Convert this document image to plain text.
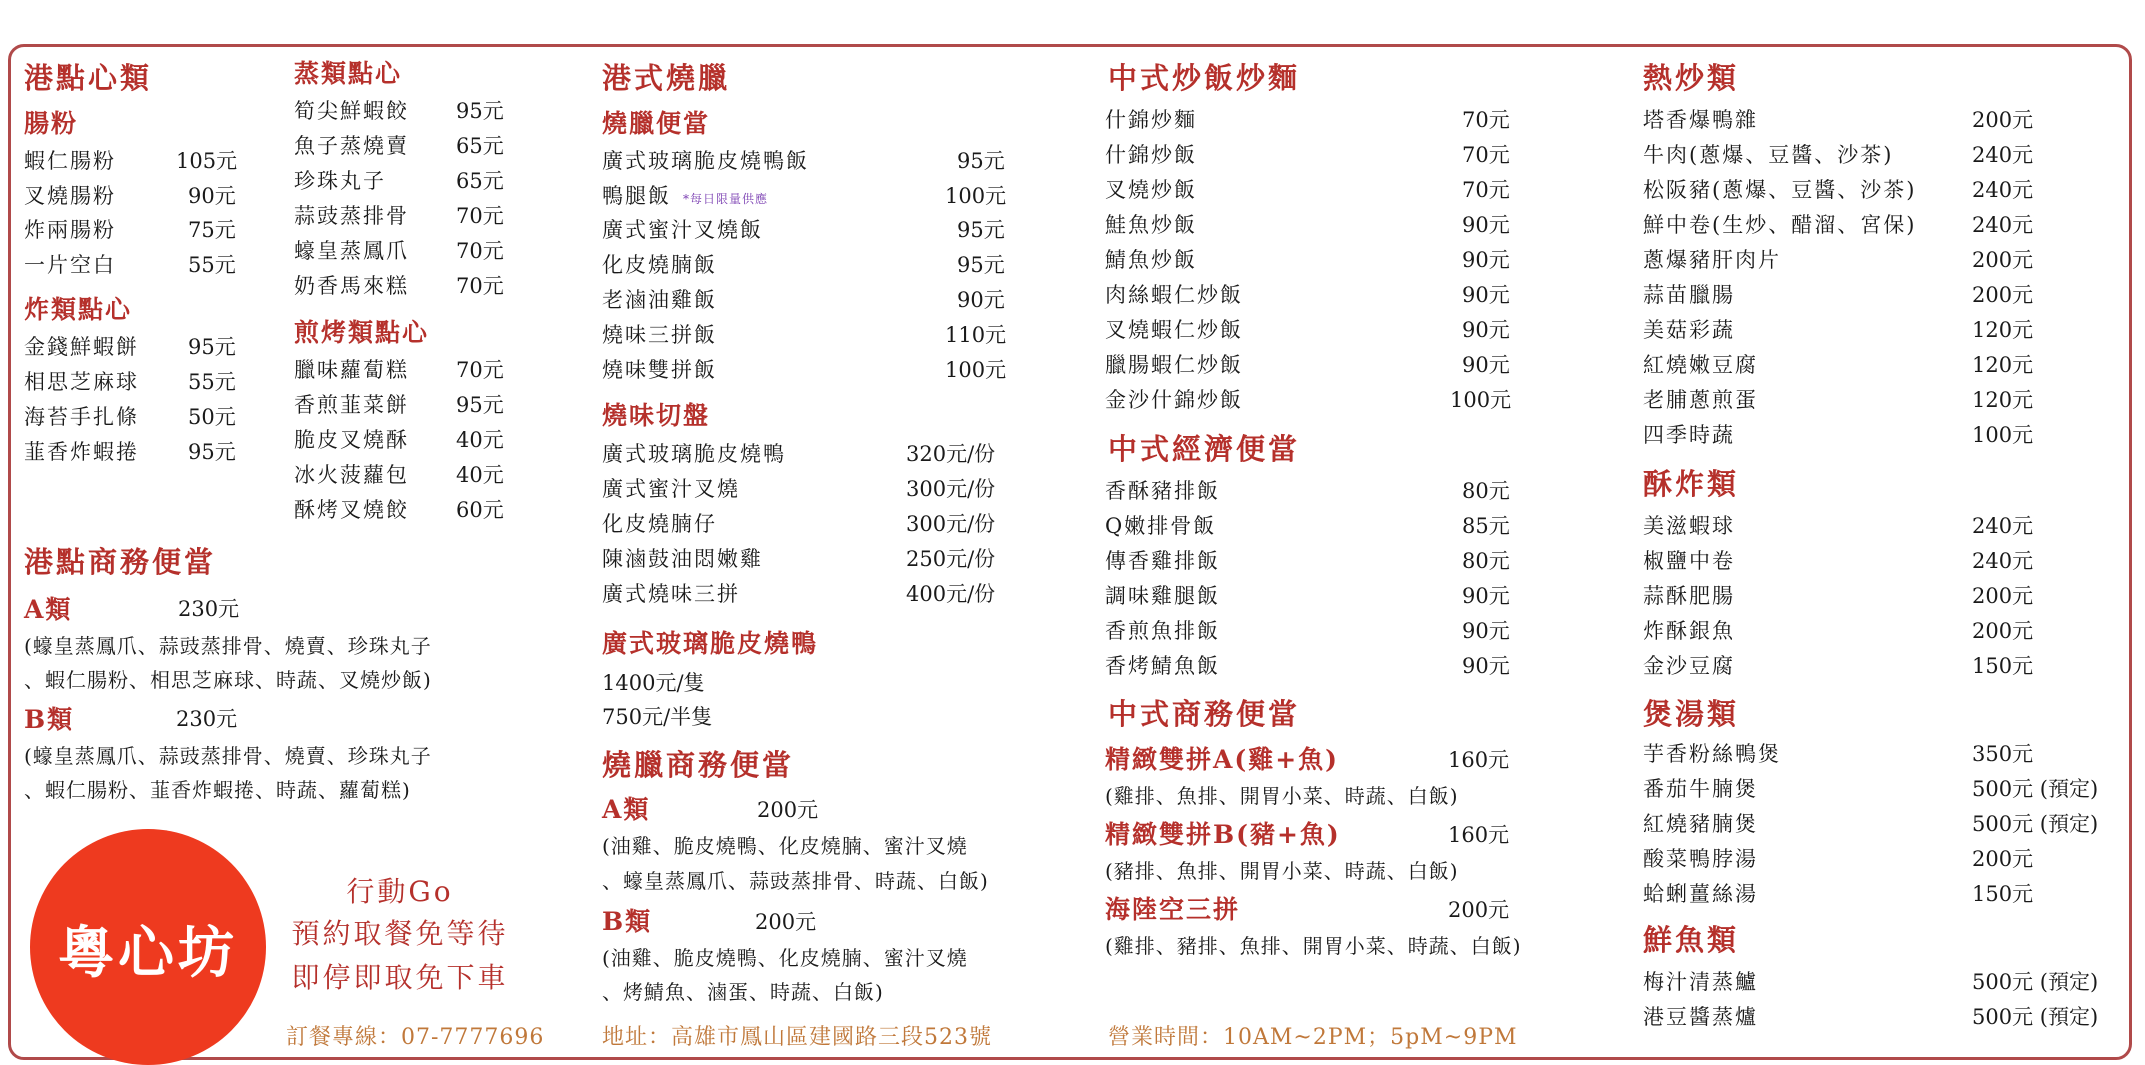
港點心類
腸粉
蝦仁腸粉	105元
叉燒腸粉	90元
炸兩腸粉	75元
一片空白	55元
炸類點心
金錢鮮蝦餅 95元
相思芝麻球 55元
海苔手扎條 50元
韮香炸蝦捲 95元
蒸類點心
筍尖鮮蝦餃 95元
魚子蒸燒賣 65元
珍珠丸子	65元
蒜豉蒸排骨 70元
蠔皇蒸鳳爪 70元
奶香馬來糕 70元
煎烤類點心
臘味蘿蔔糕 70元
香煎韮菜餅 95元
脆皮叉燒酥 40元
冰火菠蘿包 40元
酥烤叉燒餃 60元
港點商務便當
A類	230元
(蠔皇蒸鳳爪、蒜豉蒸排骨、燒賣、珍珠丸子
、蝦仁腸粉、相思芝麻球、時蔬、叉燒炒飯)
B類	230元
(蠔皇蒸鳳爪、蒜豉蒸排骨、燒賣、珍珠丸子
、蝦仁腸粉、韮香炸蝦捲、時蔬、蘿蔔糕)
粵心坊
行動Go
預約取餐免等待
即停即取免下車
訂餐專線：07-7777696
港式燒臘
燒臘便當
廣式玻璃脆皮燒鴨飯	95元
鴨腿飯 *每日限量供應	100元
廣式蜜汁叉燒飯	95元
化皮燒腩飯	95元
老滷油雞飯	90元
燒味三拼飯	110元
燒味雙拼飯	100元
燒味切盤
廣式玻璃脆皮燒鴨	320元/份
廣式蜜汁叉燒	300元/份
化皮燒腩仔	300元/份
陳滷鼓油悶嫩雞	250元/份
廣式燒味三拼	400元/份
廣式玻璃脆皮燒鴨
1400元/隻
750元/半隻
燒臘商務便當
A類	200元
(油雞、脆皮燒鴨、化皮燒腩、蜜汁叉燒
、蠔皇蒸鳳爪、蒜豉蒸排骨、時蔬、白飯)
B類	200元
(油雞、脆皮燒鴨、化皮燒腩、蜜汁叉燒
、烤鯖魚、滷蛋、時蔬、白飯)
地址：高雄市鳳山區建國路三段523號
中式炒飯炒麵
什錦炒麵	70元
什錦炒飯	70元
叉燒炒飯	70元
鮭魚炒飯	90元
鯖魚炒飯	90元
肉絲蝦仁炒飯	90元
叉燒蝦仁炒飯	90元
臘腸蝦仁炒飯	90元
金沙什錦炒飯	100元
中式經濟便當
香酥豬排飯	80元
Q嫩排骨飯	85元
傳香雞排飯	80元
調味雞腿飯	90元
香煎魚排飯	90元
香烤鯖魚飯	90元
中式商務便當
精緻雙拼A(雞+魚)	160元
(雞排、魚排、開胃小菜、時蔬、白飯)
精緻雙拼B(豬+魚)	160元
(豬排、魚排、開胃小菜、時蔬、白飯)
海陸空三拼	200元
(雞排、豬排、魚排、開胃小菜、時蔬、白飯)
營業時間：10AM~2PM；5pM~9PM
熱炒類
塔香爆鴨雜	200元
牛肉(蔥爆、豆醬、沙茶)	240元
松阪豬(蔥爆、豆醬、沙茶)	240元
鮮中卷(生炒、醋溜、宮保)	240元
蔥爆豬肝肉片	200元
蒜苗臘腸	200元
美菇彩蔬	120元
紅燒嫩豆腐	120元
老脯蔥煎蛋	120元
四季時蔬	100元
酥炸類
美滋蝦球	240元
椒鹽中卷	240元
蒜酥肥腸	200元
炸酥銀魚	200元
金沙豆腐	150元
煲湯類
芋香粉絲鴨煲	350元
番茄牛腩煲	500元 (預定)
紅燒豬腩煲	500元 (預定)
酸菜鴨脖湯	200元
蛤蜊薑絲湯	150元
鮮魚類
梅汁清蒸鱸	500元 (預定)
港豆醬蒸爐	500元 (預定)
